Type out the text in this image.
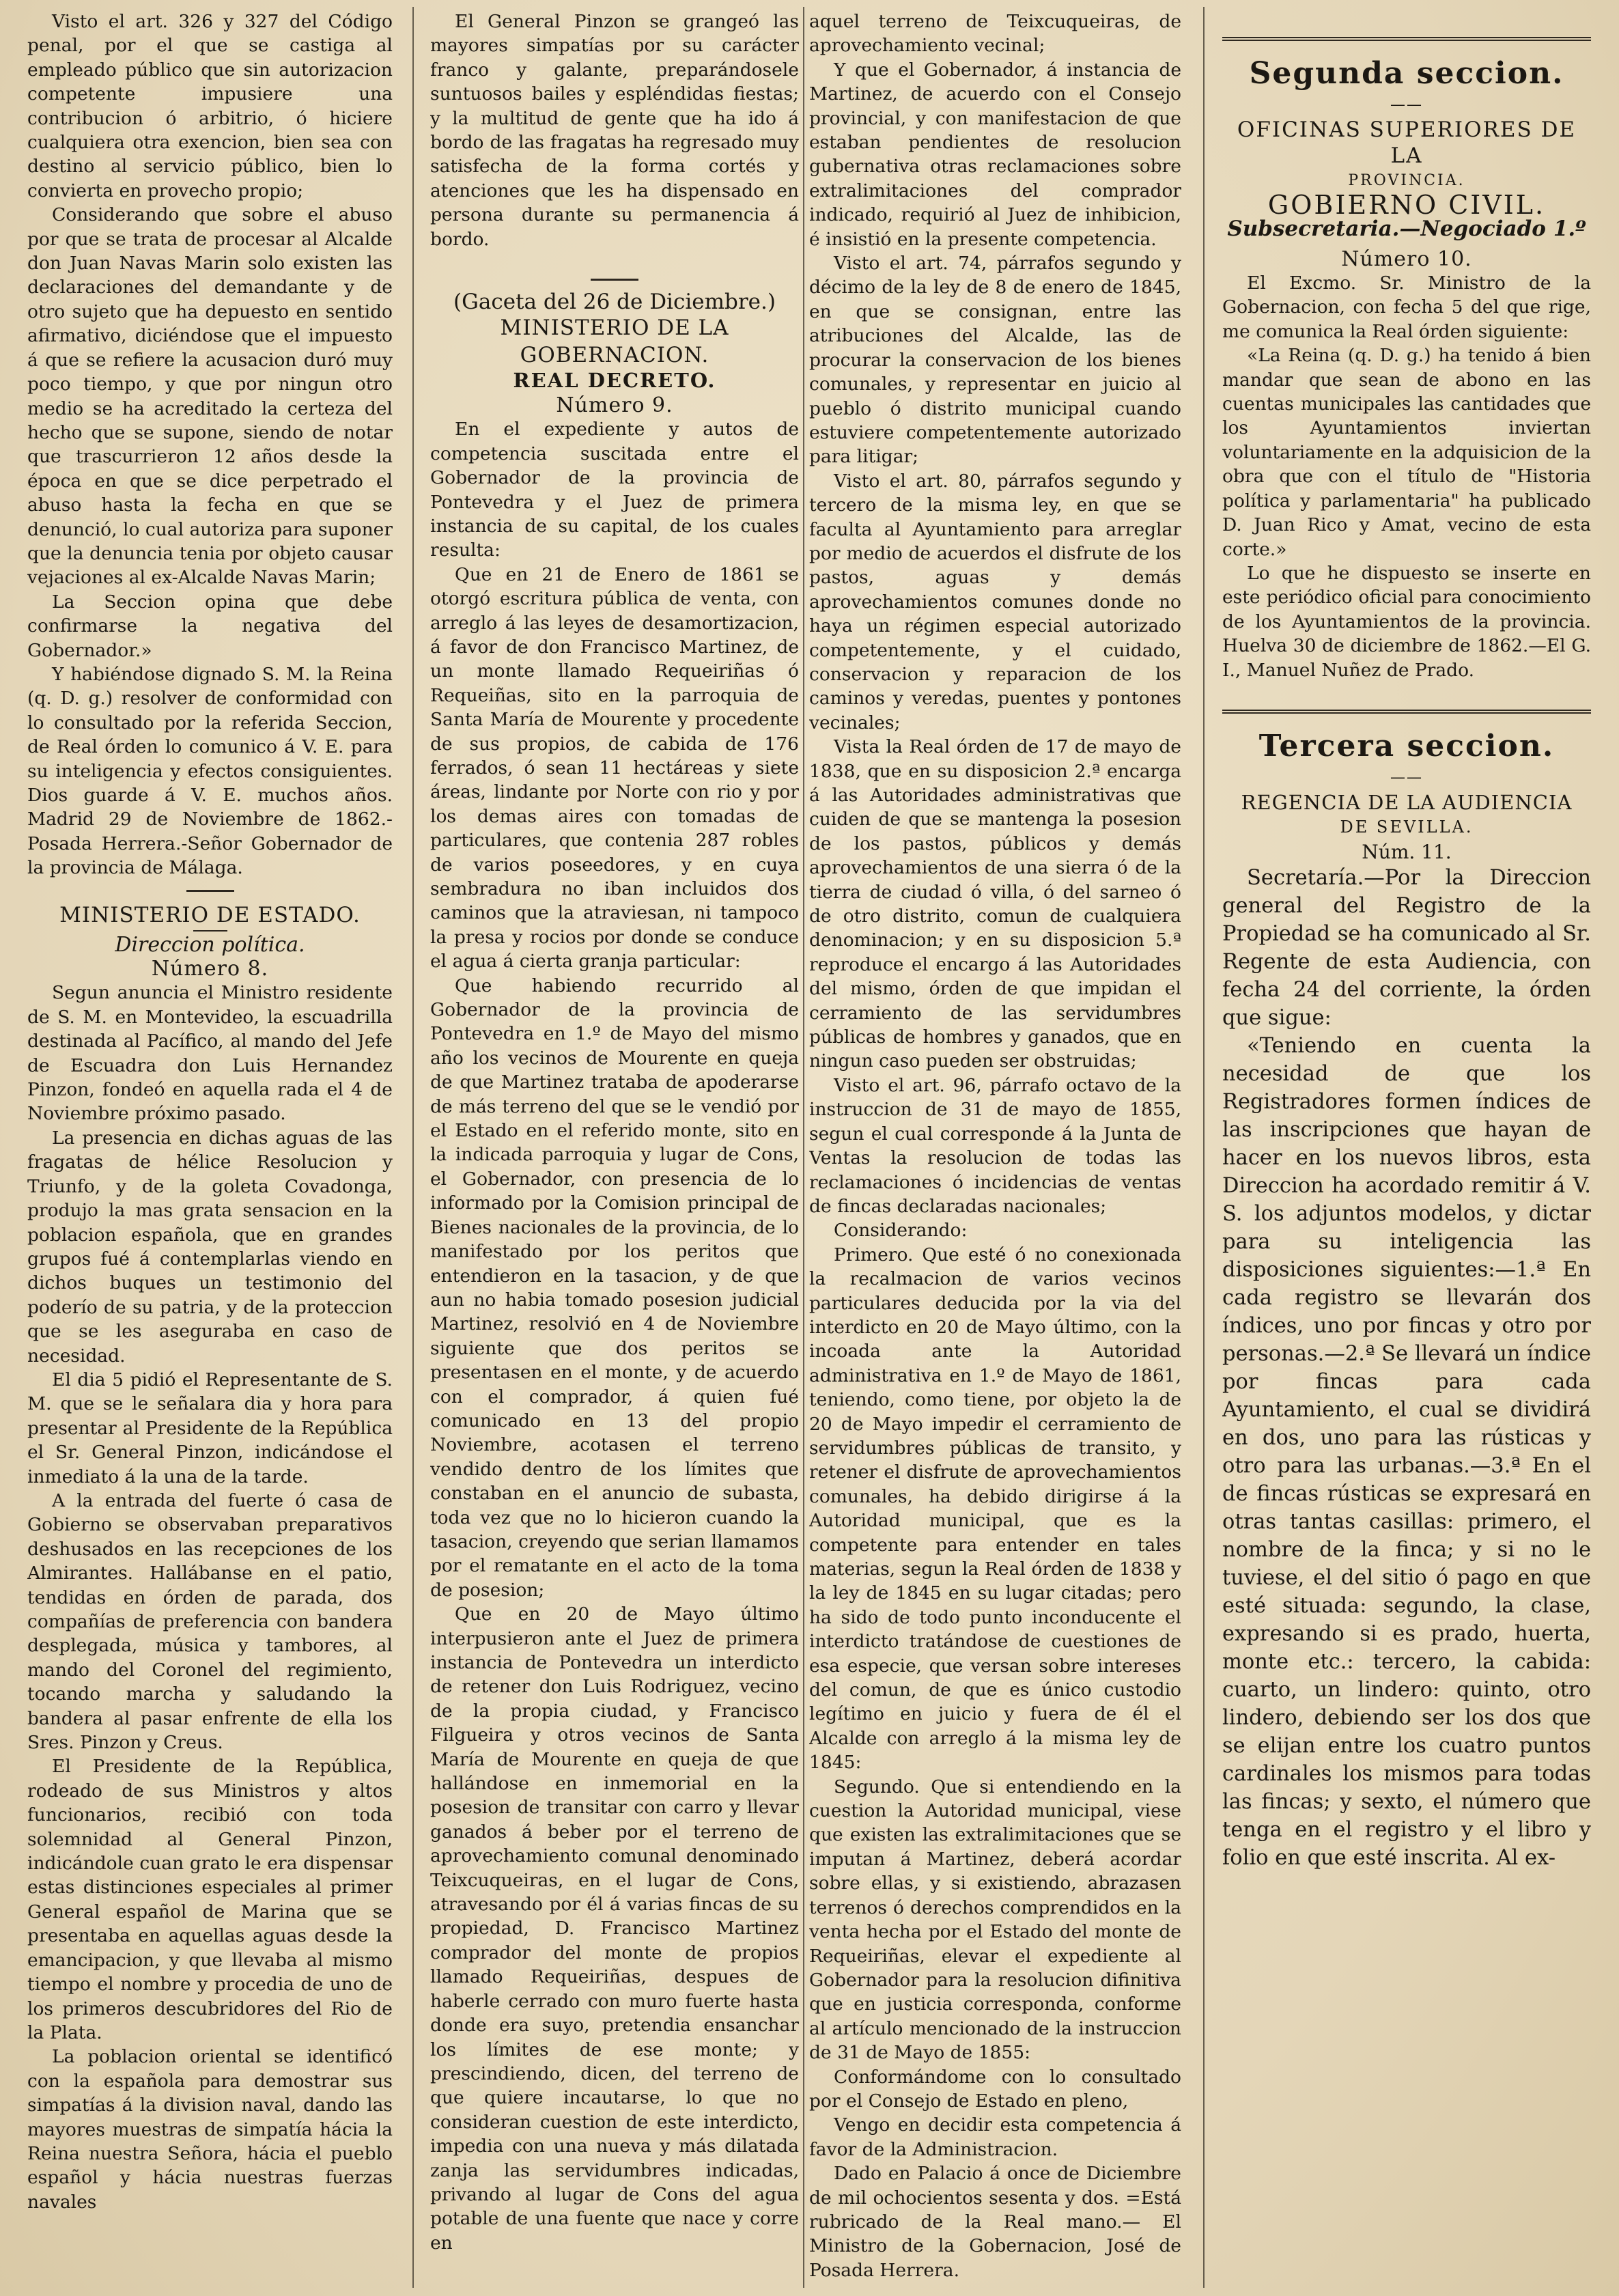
Visto el art. 326 y 327 del Código penal, por el que se castiga al empleado público que sin autorizacion competente impusiere una contribucion ó arbitrio, ó hiciere cualquiera otra exencion, bien sea con destino al servicio público, bien lo convierta en provecho propio;

Considerando que sobre el abuso por que se trata de procesar al Alcalde don Juan Navas Marin solo existen las declaraciones del demandante y de otro sujeto que ha depuesto en sentido afirmativo, diciéndose que el impuesto á que se refiere la acusacion duró muy poco tiempo, y que por ningun otro medio se ha acreditado la certeza del hecho que se supone, siendo de notar que trascurrieron 12 años desde la época en que se dice perpetrado el abuso hasta la fecha en que se denunció, lo cual autoriza para suponer que la denuncia tenia por objeto causar vejaciones al ex-Alcalde Navas Marin;

La Seccion opina que debe confirmarse la negativa del Gobernador.»

Y habiéndose dignado S. M. la Reina (q. D. g.) resolver de conformidad con lo consultado por la referida Seccion, de Real órden lo comunico á V. E. para su inteligencia y efectos consiguientes. Dios guarde á V. E. muchos años. Madrid 29 de Noviembre de 1862.-Posada Herrera.-Señor Gobernador de la provincia de Málaga.

MINISTERIO DE ESTADO.

Direccion política.

Número 8.

Segun anuncia el Ministro residente de S. M. en Montevideo, la escuadrilla destinada al Pacífico, al mando del Jefe de Escuadra don Luis Hernandez Pinzon, fondeó en aquella rada el 4 de Noviembre próximo pasado.

La presencia en dichas aguas de las fragatas de hélice Resolucion y Triunfo, y de la goleta Covadonga, produjo la mas grata sensacion en la poblacion española, que en grandes grupos fué á contemplarlas viendo en dichos buques un testimonio del poderío de su patria, y de la proteccion que se les aseguraba en caso de necesidad.

El dia 5 pidió el Representante de S. M. que se le señalara dia y hora para presentar al Presidente de la República el Sr. General Pinzon, indicándose el inmediato á la una de la tarde.

A la entrada del fuerte ó casa de Gobierno se observaban preparativos deshusados en las recepciones de los Almirantes. Hallábanse en el patio, tendidas en órden de parada, dos compañías de preferencia con bandera desplegada, música y tambores, al mando del Coronel del regimiento, tocando marcha y saludando la bandera al pasar enfrente de ella los Sres. Pinzon y Creus.

El Presidente de la República, rodeado de sus Ministros y altos funcionarios, recibió con toda solemnidad al General Pinzon, indicándole cuan grato le era dispensar estas distinciones especiales al primer General español de Marina que se presentaba en aquellas aguas desde la emancipacion, y que llevaba al mismo tiempo el nombre y procedia de uno de los primeros descubridores del Rio de la Plata.

La poblacion oriental se identificó con la española para demostrar sus simpatías á la division naval, dando las mayores muestras de simpatía hácia la Reina nuestra Señora, hácia el pueblo español y hácia nuestras fuerzas navales

El General Pinzon se grangeó las mayores simpatías por su carácter franco y galante, preparándosele suntuosos bailes y espléndidas fiestas; y la multitud de gente que ha ido á bordo de las fragatas ha regresado muy satisfecha de la forma cortés y atenciones que les ha dispensado en persona durante su permanencia á bordo.

(Gaceta del 26 de Diciembre.)

MINISTERIO DE LA GOBERNACION.

REAL DECRETO.

Número 9.

En el expediente y autos de competencia suscitada entre el Gobernador de la provincia de Pontevedra y el Juez de primera instancia de su capital, de los cuales resulta:

Que en 21 de Enero de 1861 se otorgó escritura pública de venta, con arreglo á las leyes de desamortizacion, á favor de don Francisco Martinez, de un monte llamado Requeiriñas ó Requeiñas, sito en la parroquia de Santa María de Mourente y procedente de sus propios, de cabida de 176 ferrados, ó sean 11 hectáreas y siete áreas, lindante por Norte con rio y por los demas aires con tomadas de particulares, que contenia 287 robles de varios poseedores, y en cuya sembradura no iban incluidos dos caminos que la atraviesan, ni tampoco la presa y rocios por donde se conduce el agua á cierta granja particular:

Que habiendo recurrido al Gobernador de la provincia de Pontevedra en 1.º de Mayo del mismo año los vecinos de Mourente en queja de que Martinez trataba de apoderarse de más terreno del que se le vendió por el Estado en el referido monte, sito en la indicada parroquia y lugar de Cons, el Gobernador, con presencia de lo informado por la Comision principal de Bienes nacionales de la provincia, de lo manifestado por los peritos que entendieron en la tasacion, y de que aun no habia tomado posesion judicial Martinez, resolvió en 4 de Noviembre siguiente que dos peritos se presentasen en el monte, y de acuerdo con el comprador, á quien fué comunicado en 13 del propio Noviembre, acotasen el terreno vendido dentro de los límites que constaban en el anuncio de subasta, toda vez que no lo hicieron cuando la tasacion, creyendo que serian llamamos por el rematante en el acto de la toma de posesion;

Que en 20 de Mayo último interpusieron ante el Juez de primera instancia de Pontevedra un interdicto de retener don Luis Rodriguez, vecino de la propia ciudad, y Francisco Filgueira y otros vecinos de Santa María de Mourente en queja de que hallándose en inmemorial en la posesion de transitar con carro y llevar ganados á beber por el terreno de aprovechamiento comunal denominado Teixcuqueiras, en el lugar de Cons, atravesando por él á varias fincas de su propiedad, D. Francisco Martinez comprador del monte de propios llamado Requeiriñas, despues de haberle cerrado con muro fuerte hasta donde era suyo, pretendia ensanchar los límites de ese monte; y prescindiendo, dicen, del terreno de que quiere incautarse, lo que no consideran cuestion de este interdicto, impedia con una nueva y más dilatada zanja las servidumbres indicadas, privando al lugar de Cons del agua potable de una fuente que nace y corre en

aquel terreno de Teixcuqueiras, de aprovechamiento vecinal;

Y que el Gobernador, á instancia de Martinez, de acuerdo con el Consejo provincial, y con manifestacion de que estaban pendientes de resolucion gubernativa otras reclamaciones sobre extralimitaciones del comprador indicado, requirió al Juez de inhibicion, é insistió en la presente competencia.

Visto el art. 74, párrafos segundo y décimo de la ley de 8 de enero de 1845, en que se consignan, entre las atribuciones del Alcalde, las de procurar la conservacion de los bienes comunales, y representar en juicio al pueblo ó distrito municipal cuando estuviere competentemente autorizado para litigar;

Visto el art. 80, párrafos segundo y tercero de la misma ley, en que se faculta al Ayuntamiento para arreglar por medio de acuerdos el disfrute de los pastos, aguas y demás aprovechamientos comunes donde no haya un régimen especial autorizado competentemente, y el cuidado, conservacion y reparacion de los caminos y veredas, puentes y pontones vecinales;

Vista la Real órden de 17 de mayo de 1838, que en su disposicion 2.ª encarga á las Autoridades administrativas que cuiden de que se mantenga la posesion de los pastos, públicos y demás aprovechamientos de una sierra ó de la tierra de ciudad ó villa, ó del sarneo ó de otro distrito, comun de cualquiera denominacion; y en su disposicion 5.ª reproduce el encargo á las Autoridades del mismo, órden de que impidan el cerramiento de las servidumbres públicas de hombres y ganados, que en ningun caso pueden ser obstruidas;

Visto el art. 96, párrafo octavo de la instruccion de 31 de mayo de 1855, segun el cual corresponde á la Junta de Ventas la resolucion de todas las reclamaciones ó incidencias de ventas de fincas declaradas nacionales;

Considerando:

Primero. Que esté ó no conexionada la recalmacion de varios vecinos particulares deducida por la via del interdicto en 20 de Mayo último, con la incoada ante la Autoridad administrativa en 1.º de Mayo de 1861, teniendo, como tiene, por objeto la de 20 de Mayo impedir el cerramiento de servidumbres públicas de transito, y retener el disfrute de aprovechamientos comunales, ha debido dirigirse á la Autoridad municipal, que es la competente para entender en tales materias, segun la Real órden de 1838 y la ley de 1845 en su lugar citadas; pero ha sido de todo punto inconducente el interdicto tratándose de cuestiones de esa especie, que versan sobre intereses del comun, de que es único custodio legítimo en juicio y fuera de él el Alcalde con arreglo á la misma ley de 1845:

Segundo. Que si entendiendo en la cuestion la Autoridad municipal, viese que existen las extralimitaciones que se imputan á Martinez, deberá acordar sobre ellas, y si existiendo, abrazasen terrenos ó derechos comprendidos en la venta hecha por el Estado del monte de Requeiriñas, elevar el expediente al Gobernador para la resolucion difinitiva que en justicia corresponda, conforme al artículo mencionado de la instruccion de 31 de Mayo de 1855:

Conformándome con lo consultado por el Consejo de Estado en pleno,

Vengo en decidir esta competencia á favor de la Administracion.

Dado en Palacio á once de Diciembre de mil ochocientos sesenta y dos. =Está rubricado de la Real mano.— El Ministro de la Gobernacion, José de Posada Herrera.

Segunda seccion.

——

OFICINAS SUPERIORES DE LA

PROVINCIA.

GOBIERNO CIVIL.

Subsecretaria.—Negociado 1.º

Número 10.

El Excmo. Sr. Ministro de la Gobernacion, con fecha 5 del que rige, me comunica la Real órden siguiente:

«La Reina (q. D. g.) ha tenido á bien mandar que sean de abono en las cuentas municipales las cantidades que los Ayuntamientos inviertan voluntariamente en la adquisicion de la obra que con el título de "Historia política y parlamentaria" ha publicado D. Juan Rico y Amat, vecino de esta corte.»

Lo que he dispuesto se inserte en este periódico oficial para conocimiento de los Ayuntamientos de la provincia. Huelva 30 de diciembre de 1862.—El G. I., Manuel Nuñez de Prado.

Tercera seccion.

——

REGENCIA DE LA AUDIENCIA

DE SEVILLA.

Núm. 11.

Secretaría.—Por la Direccion general del Registro de la Propiedad se ha comunicado al Sr. Regente de esta Audiencia, con fecha 24 del corriente, la órden que sigue:

«Teniendo en cuenta la necesidad de que los Registradores formen índices de las inscripciones que hayan de hacer en los nuevos libros, esta Direccion ha acordado remitir á V. S. los adjuntos modelos, y dictar para su inteligencia las disposiciones siguientes:—1.ª En cada registro se llevarán dos índices, uno por fincas y otro por personas.—2.ª Se llevará un índice por fincas para cada Ayuntamiento, el cual se dividirá en dos, uno para las rústicas y otro para las urbanas.—3.ª En el de fincas rústicas se expresará en otras tantas casillas: primero, el nombre de la finca; y si no le tuviese, el del sitio ó pago en que esté situada: segundo, la clase, expresando si es prado, huerta, monte etc.: tercero, la cabida: cuarto, un lindero: quinto, otro lindero, debiendo ser los dos que se elijan entre los cuatro puntos cardinales los mismos para todas las fincas; y sexto, el número que tenga en el registro y el libro y folio en que esté inscrita. Al ex-
